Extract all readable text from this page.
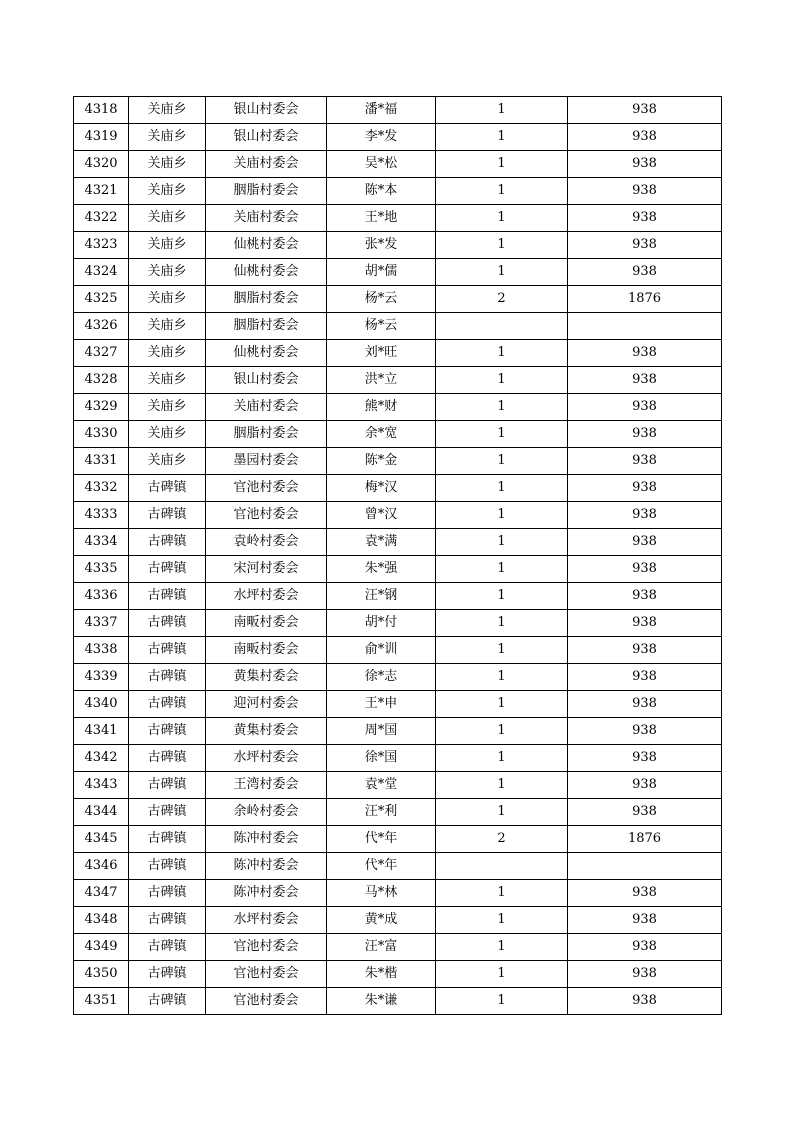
4318	关庙乡	银山村委会	潘*福	1	938
4319	关庙乡	银山村委会	李*发	1	938
4320	关庙乡	关庙村委会	吴*松	1	938
4321	关庙乡	胭脂村委会	陈*本	1	938
4322	关庙乡	关庙村委会	王*地	1	938
4323	关庙乡	仙桃村委会	张*发	1	938
4324	关庙乡	仙桃村委会	胡*儒	1	938
4325	关庙乡	胭脂村委会	杨*云	2	1876
4326	关庙乡	胭脂村委会	杨*云		
4327	关庙乡	仙桃村委会	刘*旺	1	938
4328	关庙乡	银山村委会	洪*立	1	938
4329	关庙乡	关庙村委会	熊*财	1	938
4330	关庙乡	胭脂村委会	余*宽	1	938
4331	关庙乡	墨园村委会	陈*金	1	938
4332	古碑镇	官池村委会	梅*汉	1	938
4333	古碑镇	官池村委会	曾*汉	1	938
4334	古碑镇	袁岭村委会	袁*满	1	938
4335	古碑镇	宋河村委会	朱*强	1	938
4336	古碑镇	水坪村委会	汪*钢	1	938
4337	古碑镇	南畈村委会	胡*付	1	938
4338	古碑镇	南畈村委会	俞*训	1	938
4339	古碑镇	黄集村委会	徐*志	1	938
4340	古碑镇	迎河村委会	王*申	1	938
4341	古碑镇	黄集村委会	周*国	1	938
4342	古碑镇	水坪村委会	徐*国	1	938
4343	古碑镇	王湾村委会	袁*堂	1	938
4344	古碑镇	余岭村委会	汪*利	1	938
4345	古碑镇	陈冲村委会	代*年	2	1876
4346	古碑镇	陈冲村委会	代*年		
4347	古碑镇	陈冲村委会	马*林	1	938
4348	古碑镇	水坪村委会	黄*成	1	938
4349	古碑镇	官池村委会	汪*富	1	938
4350	古碑镇	官池村委会	朱*楷	1	938
4351	古碑镇	官池村委会	朱*谦	1	938
